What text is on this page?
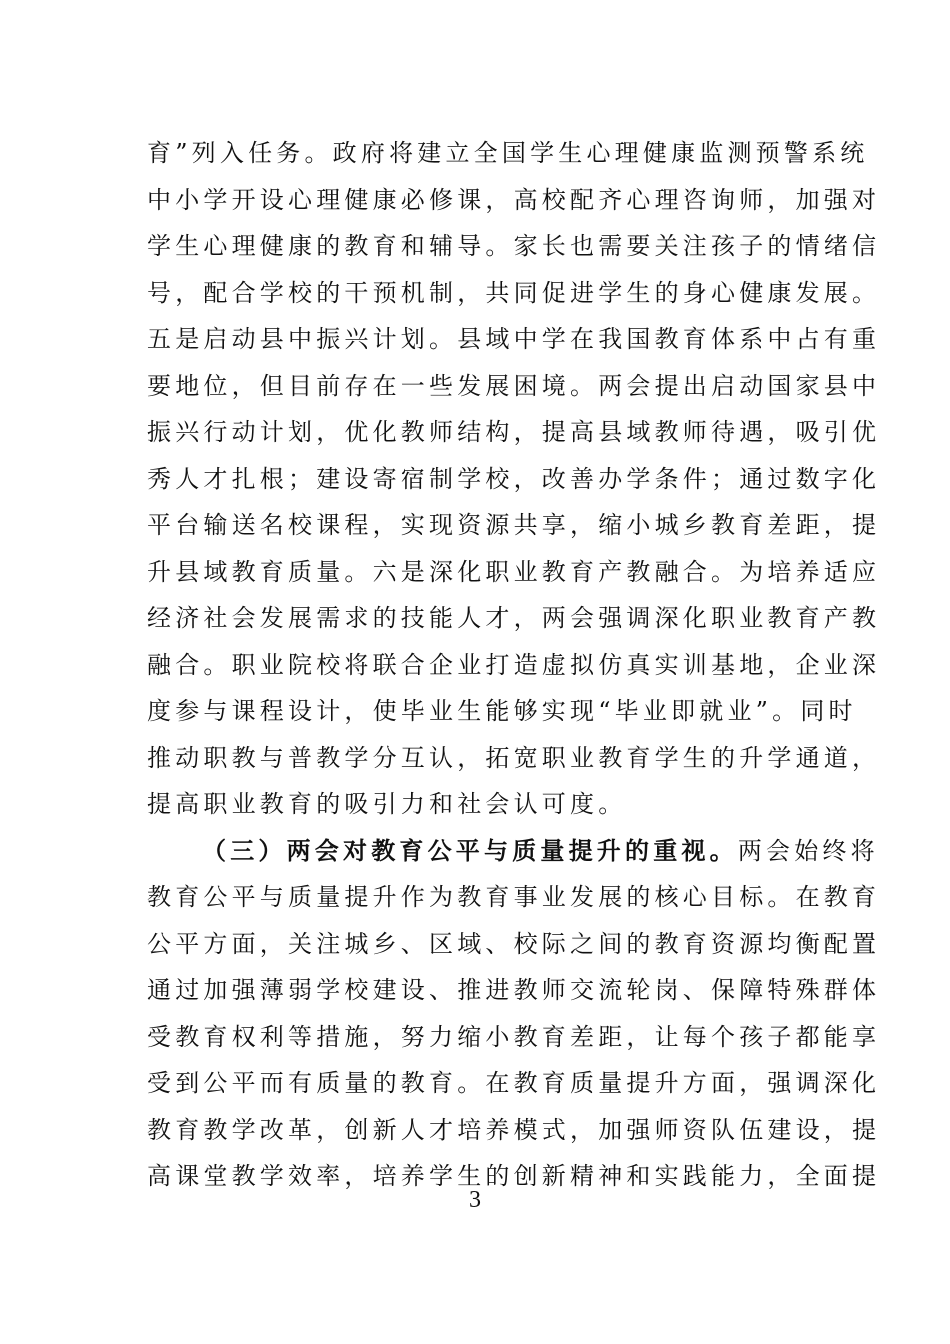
育”列入任务。政府将建立全国学生心理健康监测预警系统
中小学开设心理健康必修课，高校配齐心理咨询师，加强对
学生心理健康的教育和辅导。家长也需要关注孩子的情绪信
号，配合学校的干预机制，共同促进学生的身心健康发展。
五是启动县中振兴计划。县域中学在我国教育体系中占有重
要地位，但目前存在一些发展困境。两会提出启动国家县中
振兴行动计划，优化教师结构，提高县域教师待遇，吸引优
秀人才扎根；建设寄宿制学校，改善办学条件；通过数字化
平台输送名校课程，实现资源共享，缩小城乡教育差距，提
升县域教育质量。六是深化职业教育产教融合。为培养适应
经济社会发展需求的技能人才，两会强调深化职业教育产教
融合。职业院校将联合企业打造虚拟仿真实训基地，企业深
度参与课程设计，使毕业生能够实现“毕业即就业”。同时
推动职教与普教学分互认，拓宽职业教育学生的升学通道，
提高职业教育的吸引力和社会认可度。
（三）两会对教育公平与质量提升的重视。两会始终将
教育公平与质量提升作为教育事业发展的核心目标。在教育
公平方面，关注城乡、区域、校际之间的教育资源均衡配置
通过加强薄弱学校建设、推进教师交流轮岗、保障特殊群体
受教育权利等措施，努力缩小教育差距，让每个孩子都能享
受到公平而有质量的教育。在教育质量提升方面，强调深化
教育教学改革，创新人才培养模式，加强师资队伍建设，提
高课堂教学效率，培养学生的创新精神和实践能力，全面提
3
